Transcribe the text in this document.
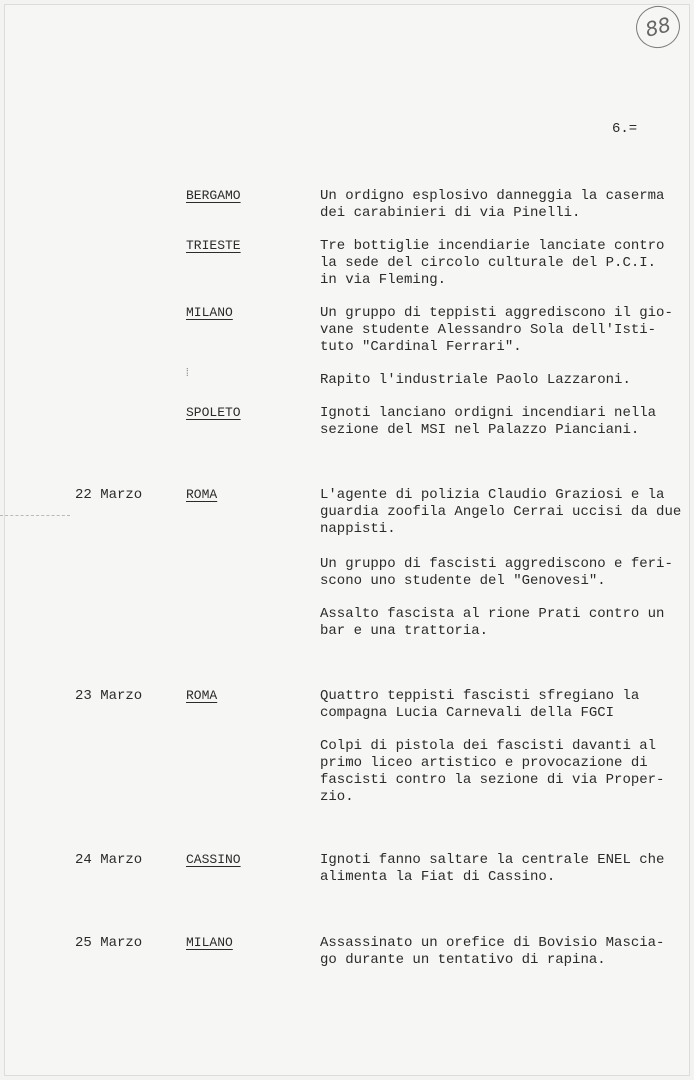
88
6.=
⁞
BERGAMO	Un ordigno esplosivo danneggia la caserma
dei carabinieri di via Pinelli.
TRIESTE	Tre bottiglie incendiarie lanciate contro
la sede del circolo culturale del P.C.I.
in via Fleming.
MILANO	Un gruppo di teppisti aggrediscono il gio-
vane studente Alessandro Sola dell'Isti-
tuto "Cardinal Ferrari".
Rapito l'industriale Paolo Lazzaroni.
SPOLETO	Ignoti lanciano ordigni incendiari nella
sezione del MSI nel Palazzo Pianciani.
22 Marzo	ROMA	L'agente di polizia Claudio Graziosi e la
guardia zoofila Angelo Cerrai uccisi da due
nappisti.
Un gruppo di fascisti aggrediscono e feri-
scono uno studente del "Genovesi".
Assalto fascista al rione Prati contro un
bar e una trattoria.
23 Marzo	ROMA	Quattro teppisti fascisti sfregiano la
compagna Lucia Carnevali della FGCI
Colpi di pistola dei fascisti davanti al
primo liceo artistico e provocazione di
fascisti contro la sezione di via Proper-
zio.
24 Marzo	CASSINO	Ignoti fanno saltare la centrale ENEL che
alimenta la Fiat di Cassino.
25 Marzo	MILANO	Assassinato un orefice di Bovisio Mascia-
go durante un tentativo di rapina.
